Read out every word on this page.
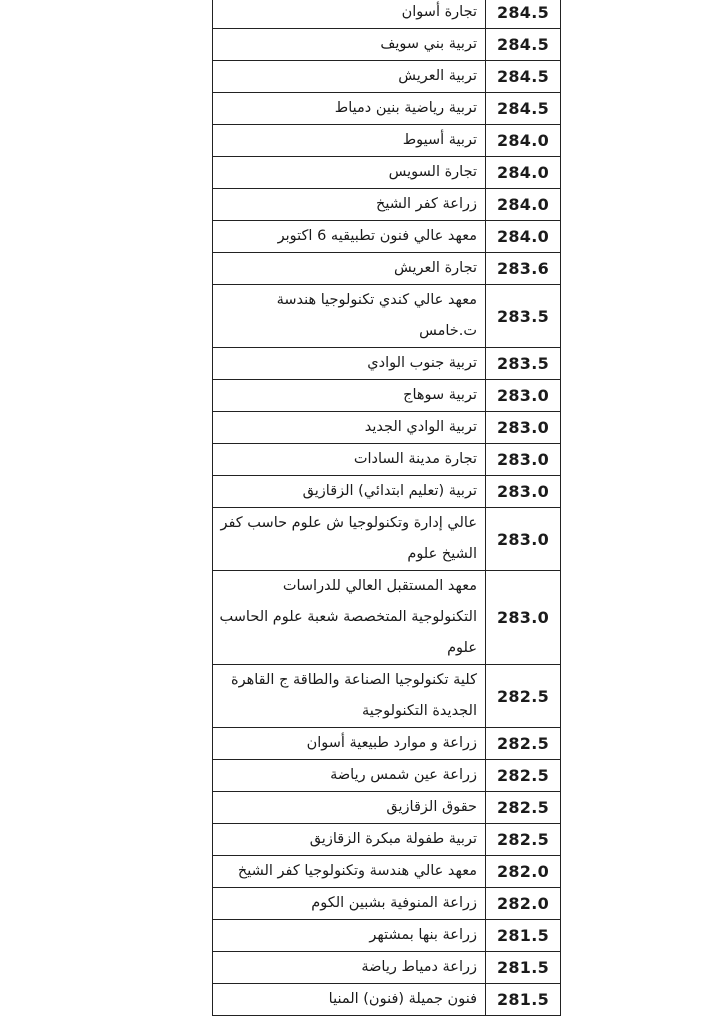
تجارة أسوان	284.5
تربية بني سويف	284.5
تربية العريش	284.5
تربية رياضية بنين دمياط	284.5
تربية أسيوط	284.0
تجارة السويس	284.0
زراعة كفر الشيخ	284.0
معهد عالي فنون تطبيقيه 6 اكتوبر	284.0
تجارة العريش	283.6
معهد عالي كندي تكنولوجيا هندسة ت.خامس	283.5
تربية جنوب الوادي	283.5
تربية سوهاج	283.0
تربية الوادي الجديد	283.0
تجارة مدينة السادات	283.0
تربية (تعليم ابتدائي) الزقازيق	283.0
عالي إدارة وتكنولوجيا ش علوم حاسب كفر الشيخ علوم	283.0
معهد المستقبل العالي للدراسات التكنولوجية المتخصصة شعبة علوم الحاسب علوم	283.0
كلية تكنولوجيا الصناعة والطاقة ج القاهرة الجديدة التكنولوجية	282.5
زراعة و موارد طبيعية أسوان	282.5
زراعة عين شمس رياضة	282.5
حقوق الزقازيق	282.5
تربية طفولة مبكرة الزقازيق	282.5
معهد عالي هندسة وتكنولوجيا كفر الشيخ	282.0
زراعة المنوفية بشبين الكوم	282.0
زراعة بنها بمشتهر	281.5
زراعة دمياط رياضة	281.5
فنون جميلة (فنون) المنيا	281.5
